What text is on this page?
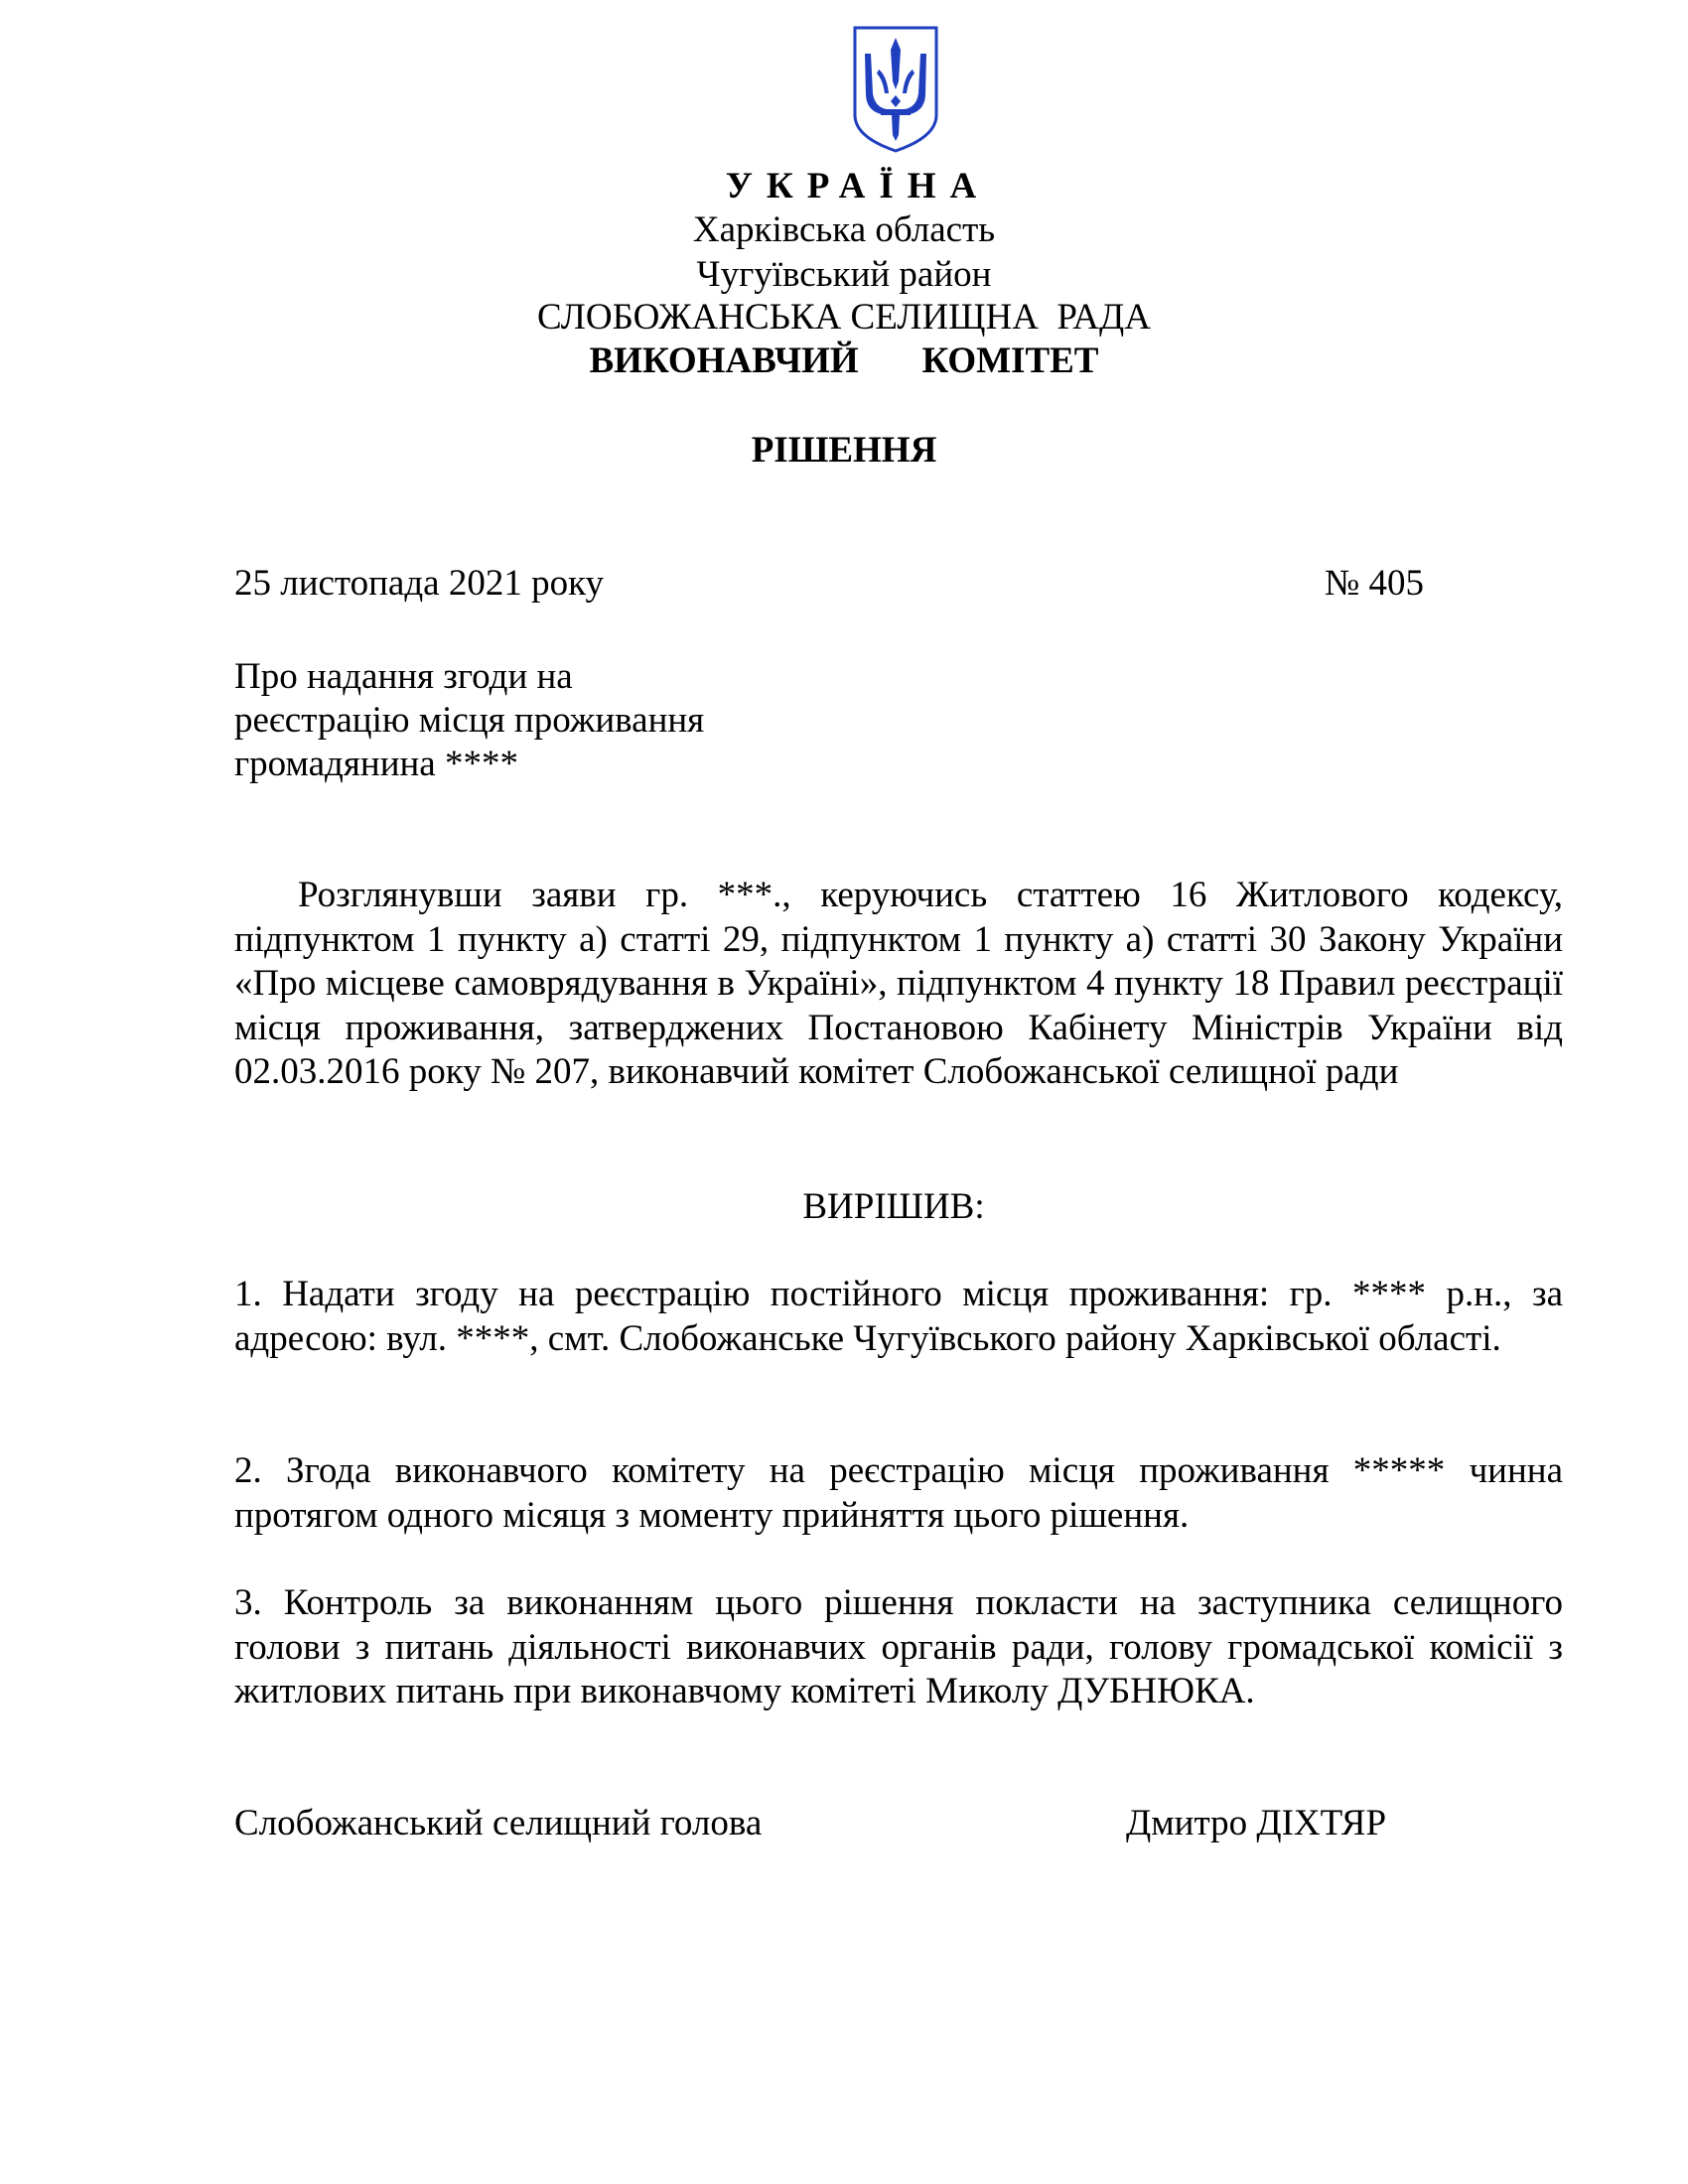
УКРАЇНА
Харківська область
Чугуївський район
СЛОБОЖАНСЬКА СЕЛИЩНА  РАДА
ВИКОНАВЧИЙ   КОМІТЕТ
РІШЕННЯ
25 листопада 2021 року	№ 405
Про надання згоди на
реєстрацію місця проживання
громадянина ****

Розглянувши заяви гр. ***., керуючись статтею 16 Житлового кодексу, підпунктом 1 пункту а) статті 29, підпунктом 1 пункту а) статті 30 Закону України «Про місцеве самоврядування в Україні», підпунктом 4 пункту 18 Правил реєстрації місця проживання, затверджених Постановою Кабінету Міністрів України від 02.03.2016 року № 207, виконавчий комітет Слобожанської селищної ради

ВИРІШИВ:

1. Надати згоду на реєстрацію постійного місця проживання: гр. **** р.н., за адресою: вул. ****, смт. Слобожанське Чугуївського району Харківської області.

2. Згода виконавчого комітету на реєстрацію місця проживання ***** чинна протягом одного місяця з моменту прийняття цього рішення.

3. Контроль за виконанням цього рішення покласти на заступника селищного голови з питань діяльності виконавчих органів ради, голову громадської комісії з житлових питань при виконавчому комітеті Миколу ДУБНЮКА.

Слобожанський селищний голова	Дмитро ДІХТЯР
